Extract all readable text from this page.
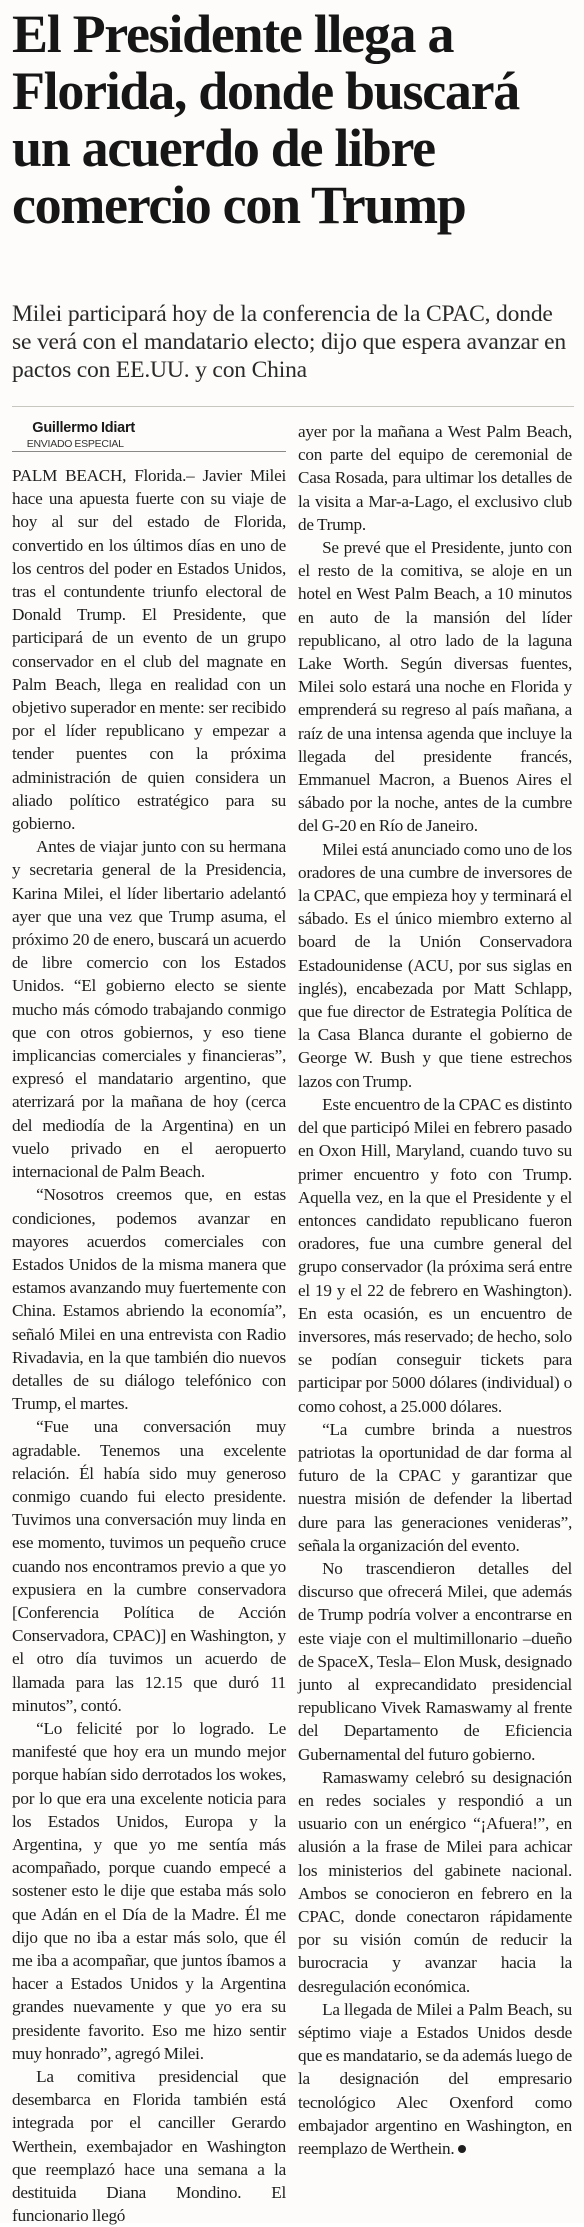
El Presidente llega a Florida, donde buscará un acuerdo de libre comercio con Trump

Milei participará hoy de la conferencia de la CPAC, donde se verá con el mandatario electo; dijo que espera avanzar en pactos con EE.UU. y con China

Guillermo Idiart

ENVIADO ESPECIAL

PALM BEACH, Florida.– Javier Milei hace una apuesta fuerte con su viaje de hoy al sur del estado de Florida, convertido en los últimos días en uno de los centros del poder en Estados Unidos, tras el contundente triunfo electoral de Donald Trump. El Presidente, que participará de un evento de un grupo conservador en el club del magnate en Palm Beach, llega en realidad con un objetivo superador en mente: ser recibido por el líder republicano y empezar a tender puentes con la próxima administración de quien considera un aliado político estratégico para su gobierno.

Antes de viajar junto con su hermana y secretaria general de la Presidencia, Karina Milei, el líder libertario adelantó ayer que una vez que Trump asuma, el próximo 20 de enero, buscará un acuerdo de libre comercio con los Estados Unidos. “El gobierno electo se siente mucho más cómodo trabajando conmigo que con otros gobiernos, y eso tiene implicancias comerciales y financieras”, expresó el mandatario argentino, que aterrizará por la mañana de hoy (cerca del mediodía de la Argentina) en un vuelo privado en el aeropuerto internacional de Palm Beach.

“Nosotros creemos que, en estas condiciones, podemos avanzar en mayores acuerdos comerciales con Estados Unidos de la misma manera que estamos avanzando muy fuertemente con China. Estamos abriendo la economía”, señaló Milei en una entrevista con Radio Rivadavia, en la que también dio nuevos detalles de su diálogo telefónico con Trump, el martes.

“Fue una conversación muy agradable. Tenemos una excelente relación. Él había sido muy generoso conmigo cuando fui electo presidente. Tuvimos una conversación muy linda en ese momento, tuvimos un pequeño cruce cuando nos encontramos previo a que yo expusiera en la cumbre conservadora [Conferencia Política de Acción Conservadora, CPAC)] en Washington, y el otro día tuvimos un acuerdo de llamada para las 12.15 que duró 11 minutos”, contó.

“Lo felicité por lo logrado. Le manifesté que hoy era un mundo mejor porque habían sido derrotados los wokes, por lo que era una excelente noticia para los Estados Unidos, Europa y la Argentina, y que yo me sentía más acompañado, porque cuando empecé a sostener esto le dije que estaba más solo que Adán en el Día de la Madre. Él me dijo que no iba a estar más solo, que él me iba a acompañar, que juntos íbamos a hacer a Estados Unidos y la Argentina grandes nuevamente y que yo era su presidente favorito. Eso me hizo sentir muy honrado”, agregó Milei.

La comitiva presidencial que desembarca en Florida también está integrada por el canciller Gerardo Werthein, exembajador en Washington que reemplazó hace una semana a la destituida Diana Mondino. El funcionario llegó

ayer por la mañana a West Palm Beach, con parte del equipo de ceremonial de Casa Rosada, para ultimar los detalles de la visita a Mar-a-Lago, el exclusivo club de Trump.

Se prevé que el Presidente, junto con el resto de la comitiva, se aloje en un hotel en West Palm Beach, a 10 minutos en auto de la mansión del líder republicano, al otro lado de la laguna Lake Worth. Según diversas fuentes, Milei solo estará una noche en Florida y emprenderá su regreso al país mañana, a raíz de una intensa agenda que incluye la llegada del presidente francés, Emmanuel Macron, a Buenos Aires el sábado por la noche, antes de la cumbre del G-20 en Río de Janeiro.

Milei está anunciado como uno de los oradores de una cumbre de inversores de la CPAC, que empieza hoy y terminará el sábado. Es el único miembro externo al board de la Unión Conservadora Estadounidense (ACU, por sus siglas en inglés), encabezada por Matt Schlapp, que fue director de Estrategia Política de la Casa Blanca durante el gobierno de George W. Bush y que tiene estrechos lazos con Trump.

Este encuentro de la CPAC es distinto del que participó Milei en febrero pasado en Oxon Hill, Maryland, cuando tuvo su primer encuentro y foto con Trump. Aquella vez, en la que el Presidente y el entonces candidato republicano fueron oradores, fue una cumbre general del grupo conservador (la próxima será entre el 19 y el 22 de febrero en Washington). En esta ocasión, es un encuentro de inversores, más reservado; de hecho, solo se podían conseguir tickets para participar por 5000 dólares (individual) o como cohost, a 25.000 dólares.

“La cumbre brinda a nuestros patriotas la oportunidad de dar forma al futuro de la CPAC y garantizar que nuestra misión de defender la libertad dure para las generaciones venideras”, señala la organización del evento.

No trascendieron detalles del discurso que ofrecerá Milei, que además de Trump podría volver a encontrarse en este viaje con el multimillonario –dueño de SpaceX, Tesla– Elon Musk, designado junto al exprecandidato presidencial republicano Vivek Ramaswamy al frente del Departamento de Eficiencia Gubernamental del futuro gobierno.

Ramaswamy celebró su designación en redes sociales y respondió a un usuario con un enérgico “¡Afuera!”, en alusión a la frase de Milei para achicar los ministerios del gabinete nacional. Ambos se conocieron en febrero en la CPAC, donde conectaron rápidamente por su visión común de reducir la burocracia y avanzar hacia la desregulación económica.

La llegada de Milei a Palm Beach, su séptimo viaje a Estados Unidos desde que es mandatario, se da además luego de la designación del empresario tecnológico Alec Oxenford como embajador argentino en Washington, en reemplazo de Werthein.
